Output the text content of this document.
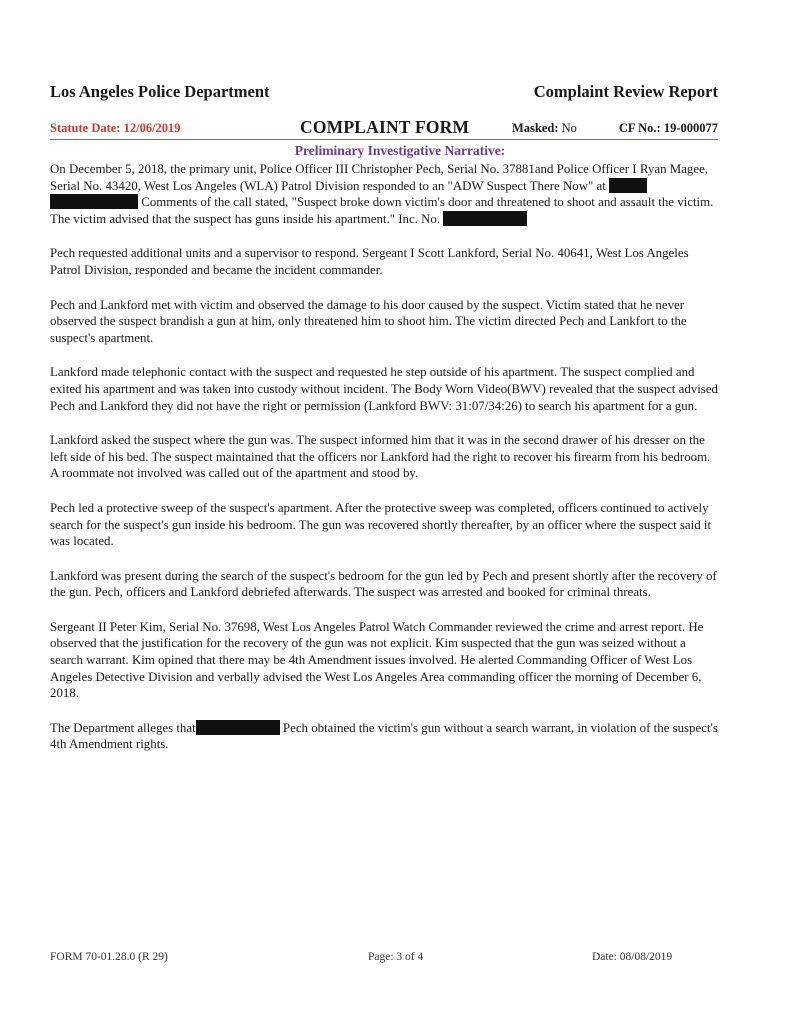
Los Angeles Police Department	Complaint Review Report
Statute Date: 12/06/2019	COMPLAINT FORM	Masked: No	CF No.: 19-000077
Preliminary Investigative Narrative:

On December 5, 2018, the primary unit, Police Officer III Christopher Pech, Serial No. 37881and Police Officer I Ryan Magee, Serial No. 43420, West Los Angeles (WLA) Patrol Division responded to an "ADW Suspect There Now" at   Comments of the call stated, "Suspect broke down victim's door and threatened to shoot and assault the victim. The victim advised that the suspect has guns inside his apartment." Inc. No.

Pech requested additional units and a supervisor to respond. Sergeant I Scott Lankford, Serial No. 40641, West Los Angeles Patrol Division, responded and became the incident commander.

Pech and Lankford met with victim and observed the damage to his door caused by the suspect. Victim stated that he never observed the suspect brandish a gun at him, only threatened him to shoot him. The victim directed Pech and Lankfort to the suspect's apartment.

Lankford made telephonic contact with the suspect and requested he step outside of his apartment. The suspect complied and exited his apartment and was taken into custody without incident. The Body Worn Video(BWV) revealed that the suspect advised Pech and Lankford they did not have the right or permission (Lankford BWV: 31:07/34:26) to search his apartment for a gun.

Lankford asked the suspect where the gun was. The suspect informed him that it was in the second drawer of his dresser on the left side of his bed. The suspect maintained that the officers nor Lankford had the right to recover his firearm from his bedroom. A roommate not involved was called out of the apartment and stood by.

Pech led a protective sweep of the suspect's apartment. After the protective sweep was completed, officers continued to actively search for the suspect's gun inside his bedroom. The gun was recovered shortly thereafter, by an officer where the suspect said it was located.

Lankford was present during the search of the suspect's bedroom for the gun led by Pech and present shortly after the recovery of the gun. Pech, officers and Lankford debriefed afterwards. The suspect was arrested and booked for criminal threats.

Sergeant II Peter Kim, Serial No. 37698, West Los Angeles Patrol Watch Commander reviewed the crime and arrest report. He observed that the justification for the recovery of the gun was not explicit. Kim suspected that the gun was seized without a search warrant. Kim opined that there may be 4th Amendment issues involved. He alerted Commanding Officer of West Los Angeles Detective Division and verbally advised the West Los Angeles Area commanding officer the morning of December 6, 2018.

The Department alleges that	Pech obtained the victim's gun without a search warrant, in violation of the suspect's 4th Amendment rights.

FORM 70-01.28.0 (R 29)	Page: 3 of 4	Date: 08/08/2019
